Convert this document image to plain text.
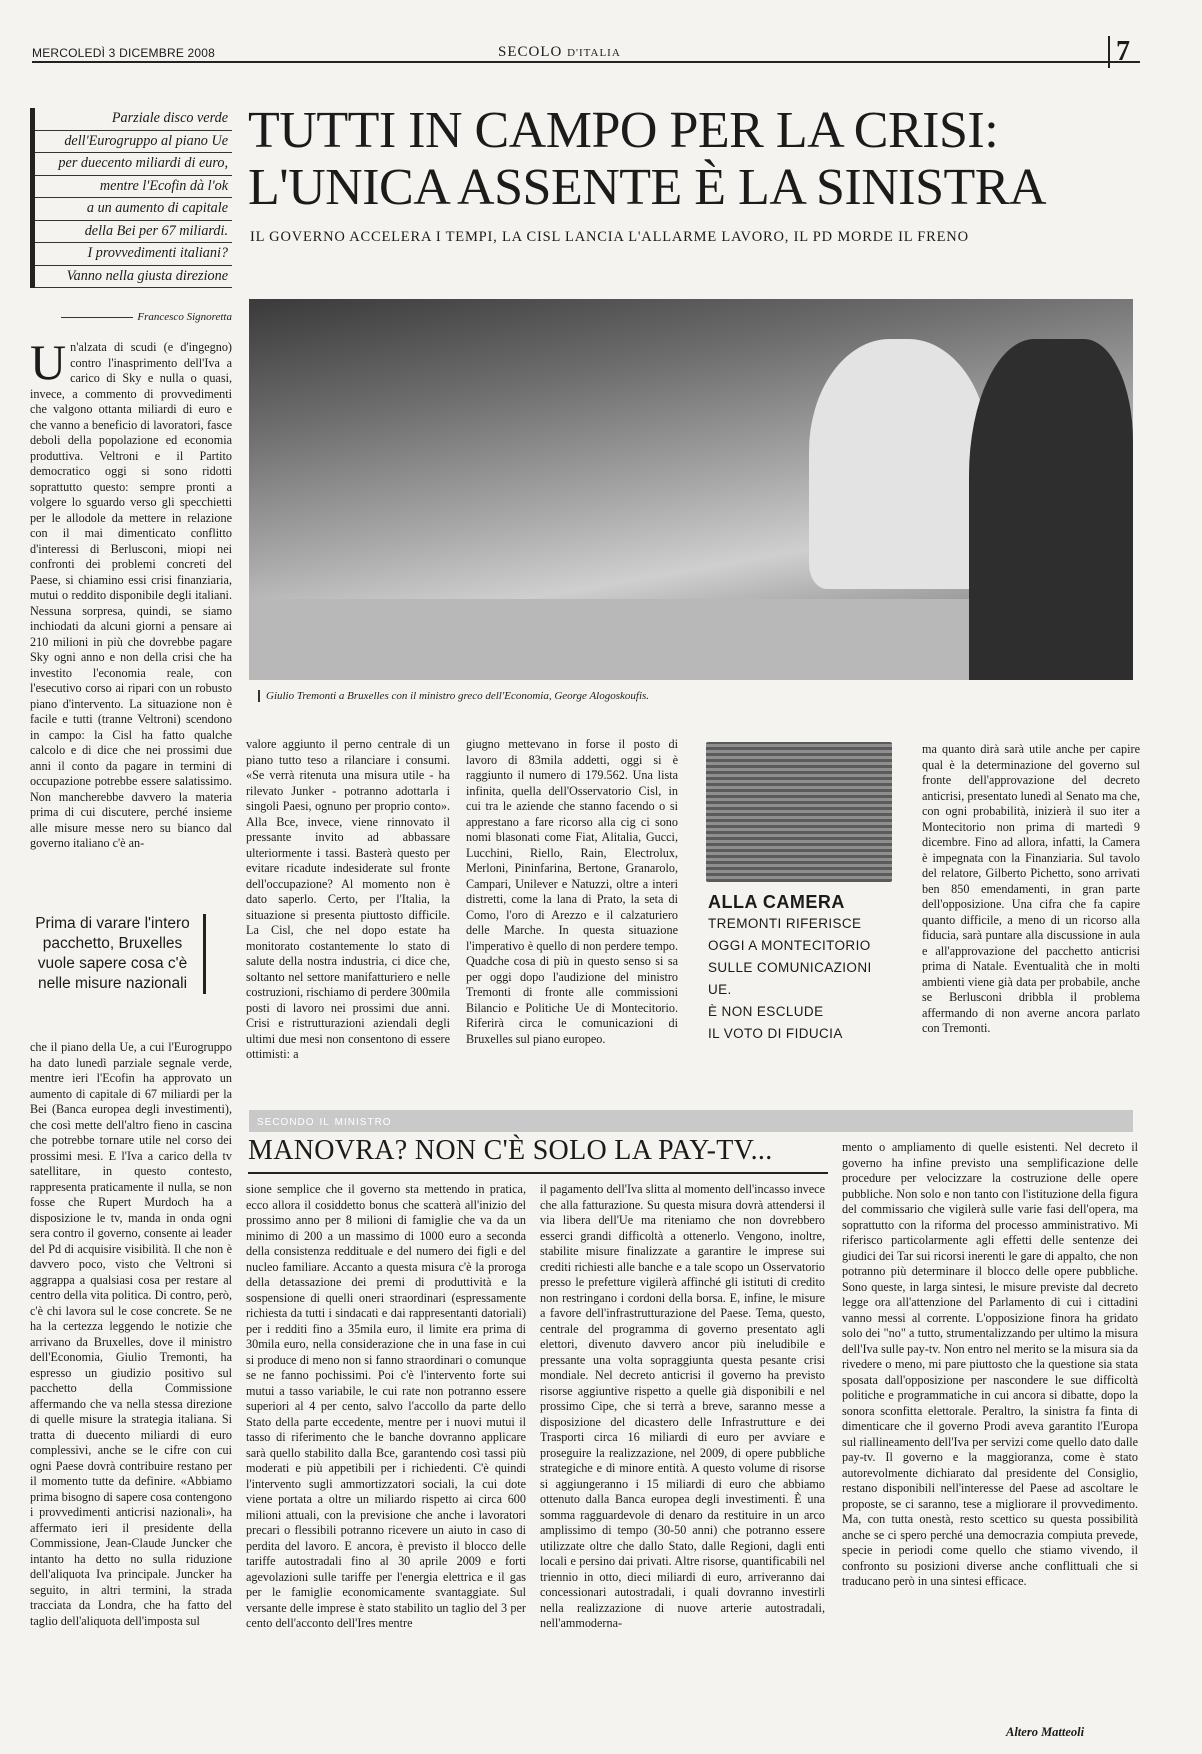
MERCOLEDÌ 3 DICEMBRE 2008	SECOLO D'ITALIA	7
Parziale disco verde
dell'Eurogruppo al piano Ue
per duecento miliardi di euro,
mentre l'Ecofin dà l'ok
a un aumento di capitale
della Bei per 67 miliardi.
I provvedimenti italiani?
Vanno nella giusta direzione
TUTTI IN CAMPO PER LA CRISI:
L'UNICA ASSENTE È LA SINISTRA
IL GOVERNO ACCELERA I TEMPI, LA CISL LANCIA L'ALLARME LAVORO, IL PD MORDE IL FRENO
Francesco Signoretta
Giulio Tremonti a Bruxelles con il ministro greco dell'Economia, George Alogoskoufis.
Un'alzata di scudi (e d'ingegno) contro l'inasprimento dell'Iva a carico di Sky e nulla o quasi, invece, a commento di provvedimenti che valgono ottanta miliardi di euro e che vanno a beneficio di lavoratori, fasce deboli della popolazione ed economia produttiva. Veltroni e il Partito democratico oggi si sono ridotti soprattutto questo: sempre pronti a volgere lo sguardo verso gli specchietti per le allodole da mettere in relazione con il mai dimenticato conflitto d'interessi di Berlusconi, miopi nei confronti dei problemi concreti del Paese, si chiamino essi crisi finanziaria, mutui o reddito disponibile degli italiani. Nessuna sorpresa, quindi, se siamo inchiodati da alcuni giorni a pensare ai 210 milioni in più che dovrebbe pagare Sky ogni anno e non della crisi che ha investito l'economia reale, con l'esecutivo corso ai ripari con un robusto piano d'intervento. La situazione non è facile e tutti (tranne Veltroni) scendono in campo: la Cisl ha fatto qualche calcolo e di dice che nei prossimi due anni il conto da pagare in termini di occupazione potrebbe essere salatissimo. Non mancherebbe davvero la materia prima di cui discutere, perché insieme alle misure messe nero su bianco dal governo italiano c'è an-
Prima di varare l'intero pacchetto, Bruxelles vuole sapere cosa c'è nelle misure nazionali
che il piano della Ue, a cui l'Eurogruppo ha dato lunedì parziale segnale verde, mentre ieri l'Ecofin ha approvato un aumento di capitale di 67 miliardi per la Bei (Banca europea degli investimenti), che così mette dell'altro fieno in cascina che potrebbe tornare utile nel corso dei prossimi mesi. E l'Iva a carico della tv satellitare, in questo contesto, rappresenta praticamente il nulla, se non fosse che Rupert Murdoch ha a disposizione le tv, manda in onda ogni sera contro il governo, consente ai leader del Pd di acquisire visibilità. Il che non è davvero poco, visto che Veltroni si aggrappa a qualsiasi cosa per restare al centro della vita politica. Di contro, però, c'è chi lavora sul le cose concrete. Se ne ha la certezza leggendo le notizie che arrivano da Bruxelles, dove il ministro dell'Economia, Giulio Tremonti, ha espresso un giudizio positivo sul pacchetto della Commissione affermando che va nella stessa direzione di quelle misure la strategia italiana. Si tratta di duecento miliardi di euro complessivi, anche se le cifre con cui ogni Paese dovrà contribuire restano per il momento tutte da definire. «Abbiamo prima bisogno di sapere cosa contengono i provvedimenti anticrisi nazionali», ha affermato ieri il presidente della Commissione, Jean-Claude Juncker che intanto ha detto no sulla riduzione dell'aliquota Iva principale. Juncker ha seguito, in altri termini, la strada tracciata da Londra, che ha fatto del taglio dell'aliquota dell'imposta sul
valore aggiunto il perno centrale di un piano tutto teso a rilanciare i consumi. «Se verrà ritenuta una misura utile - ha rilevato Junker - potranno adottarla i singoli Paesi, ognuno per proprio conto». Alla Bce, invece, viene rinnovato il pressante invito ad abbassare ulteriormente i tassi. Basterà questo per evitare ricadute indesiderate sul fronte dell'occupazione? Al momento non è dato saperlo. Certo, per l'Italia, la situazione si presenta piuttosto difficile. La Cisl, che nel dopo estate ha monitorato costantemente lo stato di salute della nostra industria, ci dice che, soltanto nel settore manifatturiero e nelle costruzioni, rischiamo di perdere 300mila posti di lavoro nei prossimi due anni. Crisi e ristrutturazioni aziendali degli ultimi due mesi non consentono di essere ottimisti: a
giugno mettevano in forse il posto di lavoro di 83mila addetti, oggi si è raggiunto il numero di 179.562. Una lista infinita, quella dell'Osservatorio Cisl, in cui tra le aziende che stanno facendo o si apprestano a fare ricorso alla cig ci sono nomi blasonati come Fiat, Alitalia, Gucci, Lucchini, Riello, Rain, Electrolux, Merloni, Pininfarina, Bertone, Granarolo, Campari, Unilever e Natuzzi, oltre a interi distretti, come la lana di Prato, la seta di Como, l'oro di Arezzo e il calzaturiero delle Marche. In questa situazione l'imperativo è quello di non perdere tempo. Quadche cosa di più in questo senso si sa per oggi dopo l'audizione del ministro Tremonti di fronte alle commissioni Bilancio e Politiche Ue di Montecitorio. Riferirà circa le comunicazioni di Bruxelles sul piano europeo.
ALLA CAMERA
TREMONTI RIFERISCE
OGGI A MONTECITORIO
SULLE COMUNICAZIONI UE.
È NON ESCLUDE
IL VOTO DI FIDUCIA
ma quanto dirà sarà utile anche per capire qual è la determinazione del governo sul fronte dell'approvazione del decreto anticrisi, presentato lunedì al Senato ma che, con ogni probabilità, inizierà il suo iter a Montecitorio non prima di martedì 9 dicembre. Fino ad allora, infatti, la Camera è impegnata con la Finanziaria. Sul tavolo del relatore, Gilberto Pichetto, sono arrivati ben 850 emendamenti, in gran parte dell'opposizione. Una cifra che fa capire quanto difficile, a meno di un ricorso alla fiducia, sarà puntare alla discussione in aula e all'approvazione del pacchetto anticrisi prima di Natale. Eventualità che in molti ambienti viene già data per probabile, anche se Berlusconi dribbla il problema affermando di non averne ancora parlato con Tremonti.
secondo il ministro
MANOVRA? NON C'È SOLO LA PAY-TV...
sione semplice che il governo sta mettendo in pratica, ecco allora il cosiddetto bonus che scatterà all'inizio del prossimo anno per 8 milioni di famiglie che va da un minimo di 200 a un massimo di 1000 euro a seconda della consistenza reddituale e del numero dei figli e del nucleo familiare. Accanto a questa misura c'è la proroga della detassazione dei premi di produttività e la sospensione di quelli oneri straordinari (espressamente richiesta da tutti i sindacati e dai rappresentanti datoriali) per i redditi fino a 35mila euro, il limite era prima di 30mila euro, nella considerazione che in una fase in cui si produce di meno non si fanno straordinari o comunque se ne fanno pochissimi. Poi c'è l'intervento forte sui mutui a tasso variabile, le cui rate non potranno essere superiori al 4 per cento, salvo l'accollo da parte dello Stato della parte eccedente, mentre per i nuovi mutui il tasso di riferimento che le banche dovranno applicare sarà quello stabilito dalla Bce, garantendo così tassi più moderati e più appetibili per i richiedenti. C'è quindi l'intervento sugli ammortizzatori sociali, la cui dote viene portata a oltre un miliardo rispetto ai circa 600 milioni attuali, con la previsione che anche i lavoratori precari o flessibili potranno ricevere un aiuto in caso di perdita del lavoro. E ancora, è previsto il blocco delle tariffe autostradali fino al 30 aprile 2009 e forti agevolazioni sulle tariffe per l'energia elettrica e il gas per le famiglie economicamente svantaggiate. Sul versante delle imprese è stato stabilito un taglio del 3 per cento dell'acconto dell'Ires mentre
il pagamento dell'Iva slitta al momento dell'incasso invece che alla fatturazione. Su questa misura dovrà attendersi il via libera dell'Ue ma riteniamo che non dovrebbero esserci grandi difficoltà a ottenerlo. Vengono, inoltre, stabilite misure finalizzate a garantire le imprese sui crediti richiesti alle banche e a tale scopo un Osservatorio presso le prefetture vigilerà affinché gli istituti di credito non restringano i cordoni della borsa. E, infine, le misure a favore dell'infrastrutturazione del Paese. Tema, questo, centrale del programma di governo presentato agli elettori, divenuto davvero ancor più ineludibile e pressante una volta sopraggiunta questa pesante crisi mondiale. Nel decreto anticrisi il governo ha previsto risorse aggiuntive rispetto a quelle già disponibili e nel prossimo Cipe, che si terrà a breve, saranno messe a disposizione del dicastero delle Infrastrutture e dei Trasporti circa 16 miliardi di euro per avviare e proseguire la realizzazione, nel 2009, di opere pubbliche strategiche e di minore entità. A questo volume di risorse si aggiungeranno i 15 miliardi di euro che abbiamo ottenuto dalla Banca europea degli investimenti. È una somma ragguardevole di denaro da restituire in un arco amplissimo di tempo (30-50 anni) che potranno essere utilizzate oltre che dallo Stato, dalle Regioni, dagli enti locali e persino dai privati. Altre risorse, quantificabili nel triennio in otto, dieci miliardi di euro, arriveranno dai concessionari autostradali, i quali dovranno investirli nella realizzazione di nuove arterie autostradali, nell'ammoderna-
mento o ampliamento di quelle esistenti. Nel decreto il governo ha infine previsto una semplificazione delle procedure per velocizzare la costruzione delle opere pubbliche. Non solo e non tanto con l'istituzione della figura del commissario che vigilerà sulle varie fasi dell'opera, ma soprattutto con la riforma del processo amministrativo. Mi riferisco particolarmente agli effetti delle sentenze dei giudici dei Tar sui ricorsi inerenti le gare di appalto, che non potranno più determinare il blocco delle opere pubbliche. Sono queste, in larga sintesi, le misure previste dal decreto legge ora all'attenzione del Parlamento di cui i cittadini vanno messi al corrente. L'opposizione finora ha gridato solo dei "no" a tutto, strumentalizzando per ultimo la misura dell'Iva sulle pay-tv. Non entro nel merito se la misura sia da rivedere o meno, mi pare piuttosto che la questione sia stata sposata dall'opposizione per nascondere le sue difficoltà politiche e programmatiche in cui ancora si dibatte, dopo la sonora sconfitta elettorale. Peraltro, la sinistra fa finta di dimenticare che il governo Prodi aveva garantito l'Europa sul riallineamento dell'Iva per servizi come quello dato dalle pay-tv. Il governo e la maggioranza, come è stato autorevolmente dichiarato dal presidente del Consiglio, restano disponibili nell'interesse del Paese ad ascoltare le proposte, se ci saranno, tese a migliorare il provvedimento. Ma, con tutta onestà, resto scettico su questa possibilità anche se ci spero perché una democrazia compiuta prevede, specie in periodi come quello che stiamo vivendo, il confronto su posizioni diverse anche conflittuali che si traducano però in una sintesi efficace.
Altero Matteoli
